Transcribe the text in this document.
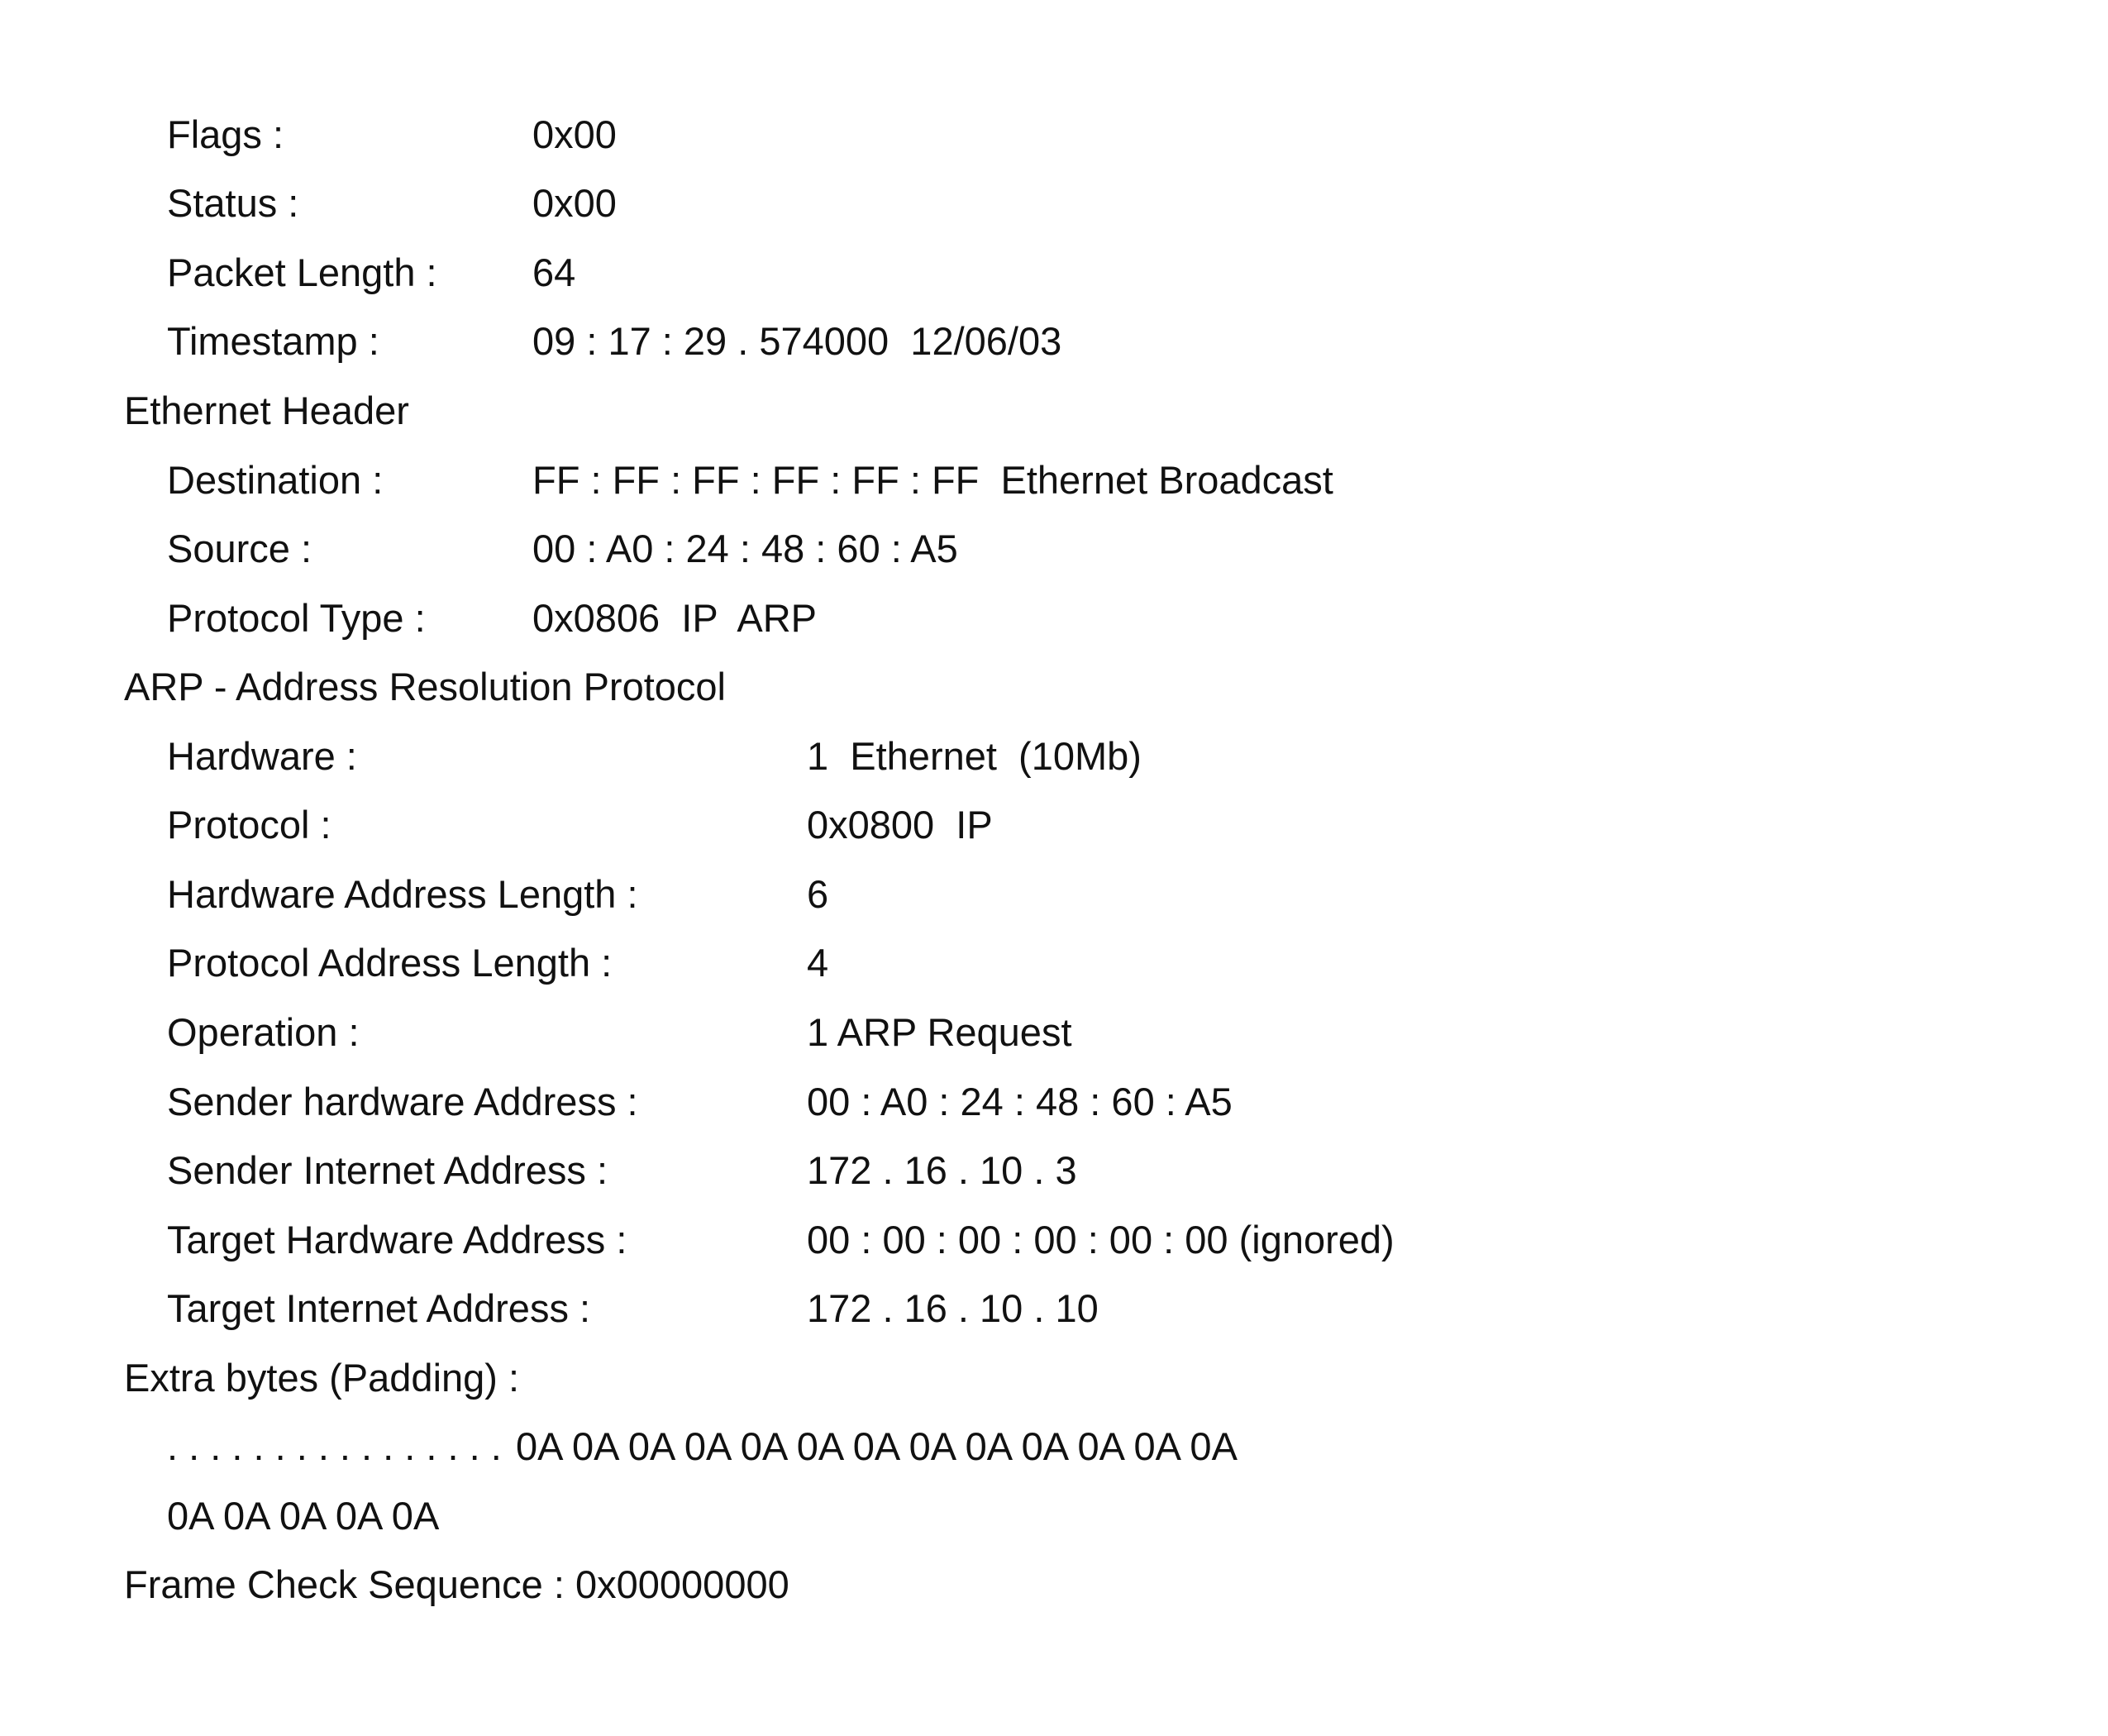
Flags :

	0x00

Status :

	0x00

Packet Length :

64

Timestamp :

	09 : 17 : 29 . 574000  12/06/03

Ethernet Header

Destination :

	FF : FF : FF : FF : FF : FF  Ethernet Broadcast

Source :

	00 : A0 : 24 : 48 : 60 : A5

Protocol Type :

	0x0806  IP  ARP

ARP - Address Resolution Protocol

Hardware :

	1  Ethernet  (10Mb)

Protocol :

	0x0800  IP

Hardware Address Length :

	6

Protocol Address Length :

	4

Operation :

	1 ARP Request

Sender hardware Address :

	00 : A0 : 24 : 48 : 60 : A5

Sender Internet Address :

	172 . 16 . 10 . 3

Target Hardware Address :

	00 : 00 : 00 : 00 : 00 : 00 (ignored)

Target Internet Address :

	172 . 16 . 10 . 10

Extra bytes (Padding) :

. . . . . . . . . . . . . . . .

0A 0A 0A 0A 0A 0A 0A 0A 0A 0A 0A 0A 0A

0A 0A 0A 0A 0A

Frame Check Sequence : 0x00000000
